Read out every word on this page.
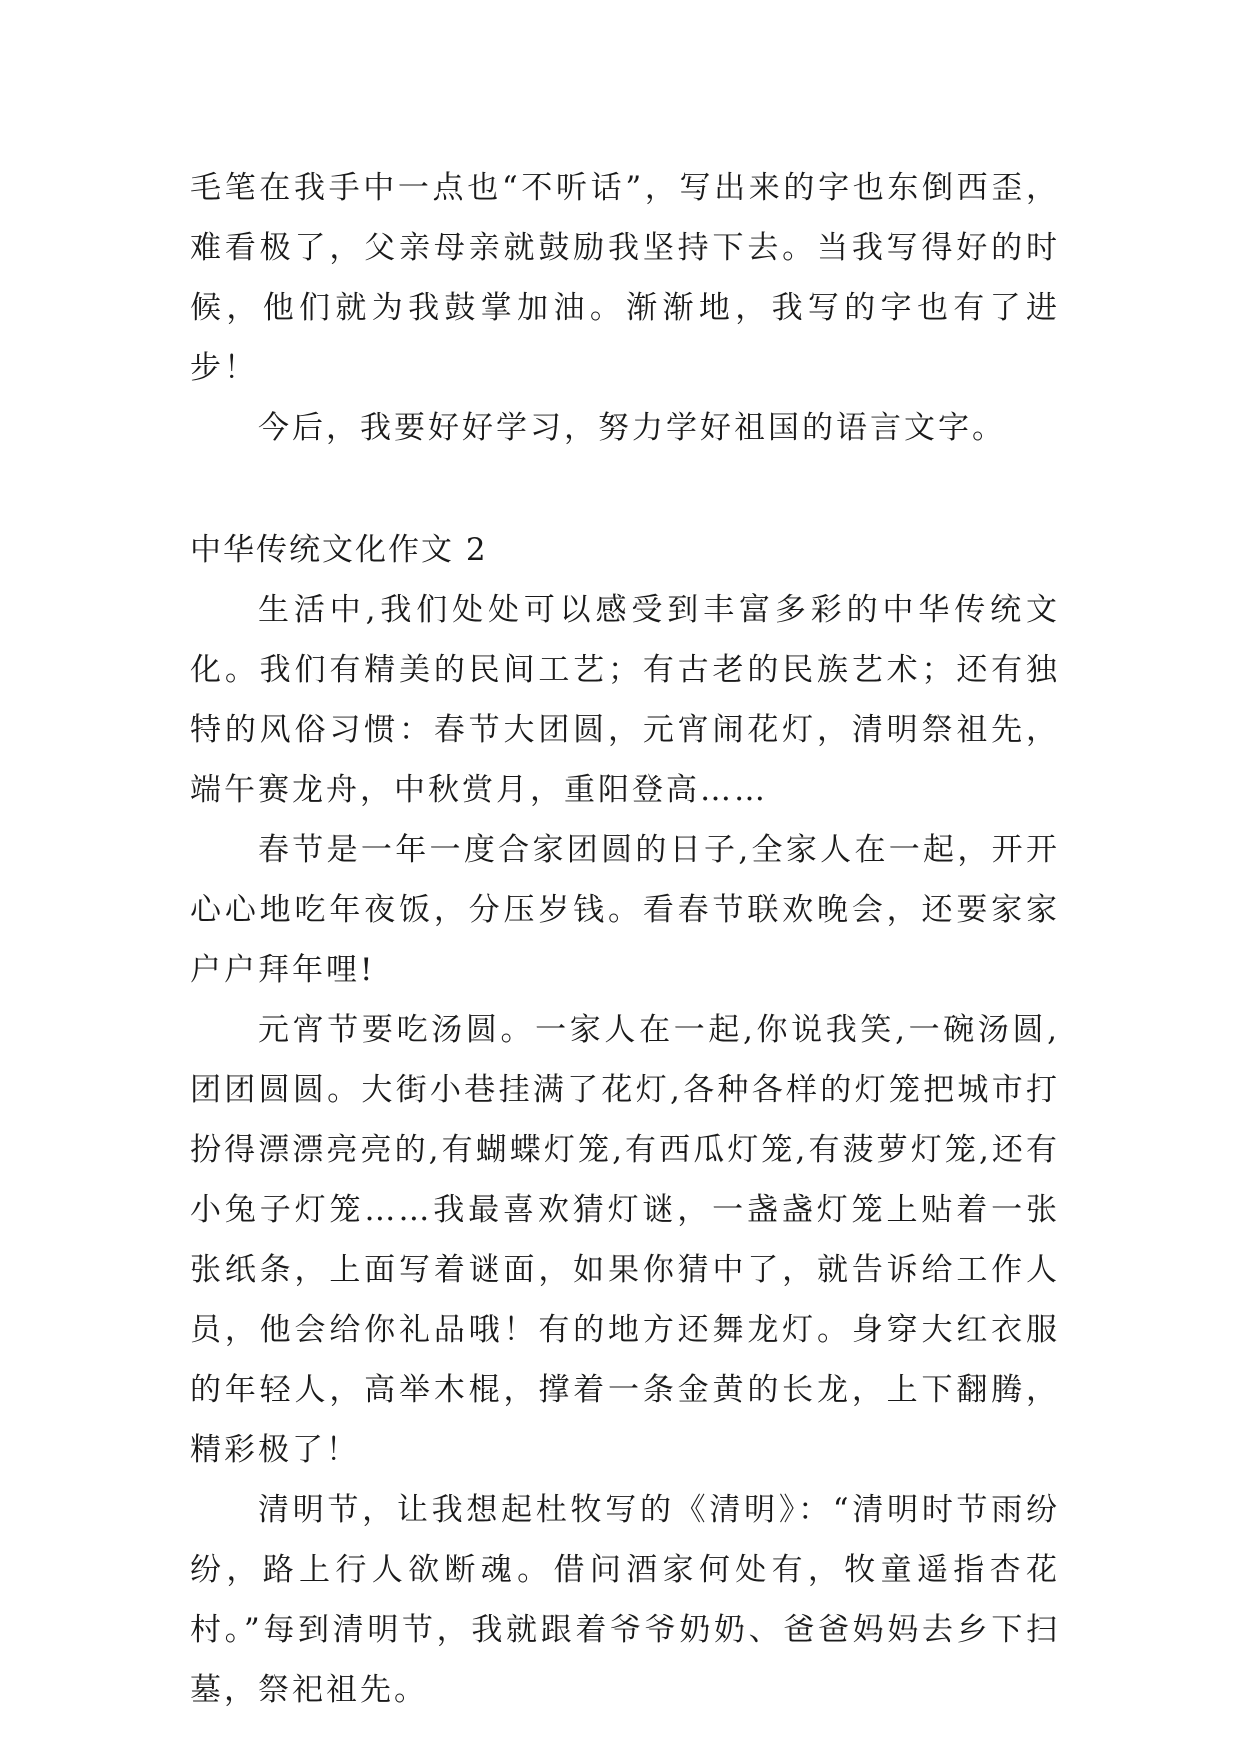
毛笔在我手中一点也“不听话”，写出来的字也东倒西歪，难看极了，父亲母亲就鼓励我坚持下去。当我写得好的时候，他们就为我鼓掌加油。渐渐地，我写的字也有了进步！

今后，我要好好学习，努力学好祖国的语言文字。

中华传统文化作文 2

生活中,我们处处可以感受到丰富多彩的中华传统文化。我们有精美的民间工艺；有古老的民族艺术；还有独特的风俗习惯：春节大团圆，元宵闹花灯，清明祭祖先，端午赛龙舟，中秋赏月，重阳登高……

春节是一年一度合家团圆的日子,全家人在一起，开开心心地吃年夜饭，分压岁钱。看春节联欢晚会，还要家家户户拜年哩!

元宵节要吃汤圆。一家人在一起,你说我笑,一碗汤圆,团团圆圆。大街小巷挂满了花灯,各种各样的灯笼把城市打扮得漂漂亮亮的,有蝴蝶灯笼,有西瓜灯笼,有菠萝灯笼,还有小兔子灯笼……我最喜欢猜灯谜，一盏盏灯笼上贴着一张张纸条，上面写着谜面，如果你猜中了，就告诉给工作人员，他会给你礼品哦！有的地方还舞龙灯。身穿大红衣服的年轻人，高举木棍，撑着一条金黄的长龙，上下翻腾，精彩极了！

清明节，让我想起杜牧写的《清明》：“清明时节雨纷纷，路上行人欲断魂。借问酒家何处有，牧童遥指杏花村。”每到清明节，我就跟着爷爷奶奶、爸爸妈妈去乡下扫墓，祭祀祖先。
